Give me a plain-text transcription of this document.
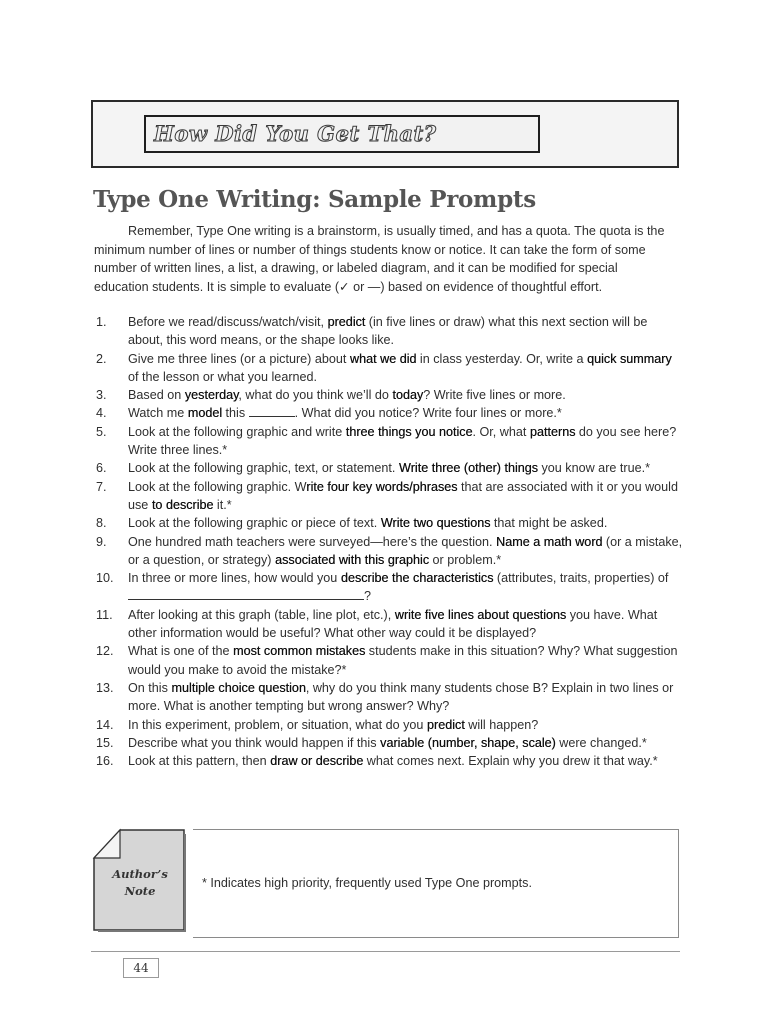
How Did You Get That?
Type One Writing: Sample Prompts

Remember, Type One writing is a brainstorm, is usually timed, and has a quota. The quota is the minimum number of lines or number of things students know or notice. It can take the form of some number of written lines, a list, a drawing, or labeled diagram, and it can be modified for special education students. It is simple to evaluate (✓ or —) based on evidence of thoughtful effort.

1. Before we read/discuss/watch/visit, predict (in five lines or draw) what this next section will be about, this word means, or the shape looks like.
2. Give me three lines (or a picture) about what we did in class yesterday. Or, write a quick summary of the lesson or what you learned.
3. Based on yesterday, what do you think we’ll do today? Write five lines or more.
4. Watch me model this	. What did you notice? Write four lines or more.*
5. Look at the following graphic and write three things you notice. Or, what patterns do you see here? Write three lines.*
6. Look at the following graphic, text, or statement. Write three (other) things you know are true.*
7. Look at the following graphic. Write four key words/phrases that are associated with it or you would use to describe it.*
8. Look at the following graphic or piece of text. Write two questions that might be asked.
9. One hundred math teachers were surveyed—here’s the question. Name a math word (or a mistake, or a question, or strategy) associated with this graphic or problem.*
10. In three or more lines, how would you describe the characteristics (attributes, traits, properties) of ?
11. After looking at this graph (table, line plot, etc.), write five lines about questions you have. What other information would be useful? What other way could it be displayed?
12. What is one of the most common mistakes students make in this situation? Why? What suggestion would you make to avoid the mistake?*
13. On this multiple choice question, why do you think many students chose B? Explain in two lines or more. What is another tempting but wrong answer? Why?
14. In this experiment, problem, or situation, what do you predict will happen?
15. Describe what you think would happen if this variable (number, shape, scale) were changed.*
16. Look at this pattern, then draw or describe what comes next. Explain why you drew it that way.*
Author’s
Note
* Indicates high priority, frequently used Type One prompts.
44
